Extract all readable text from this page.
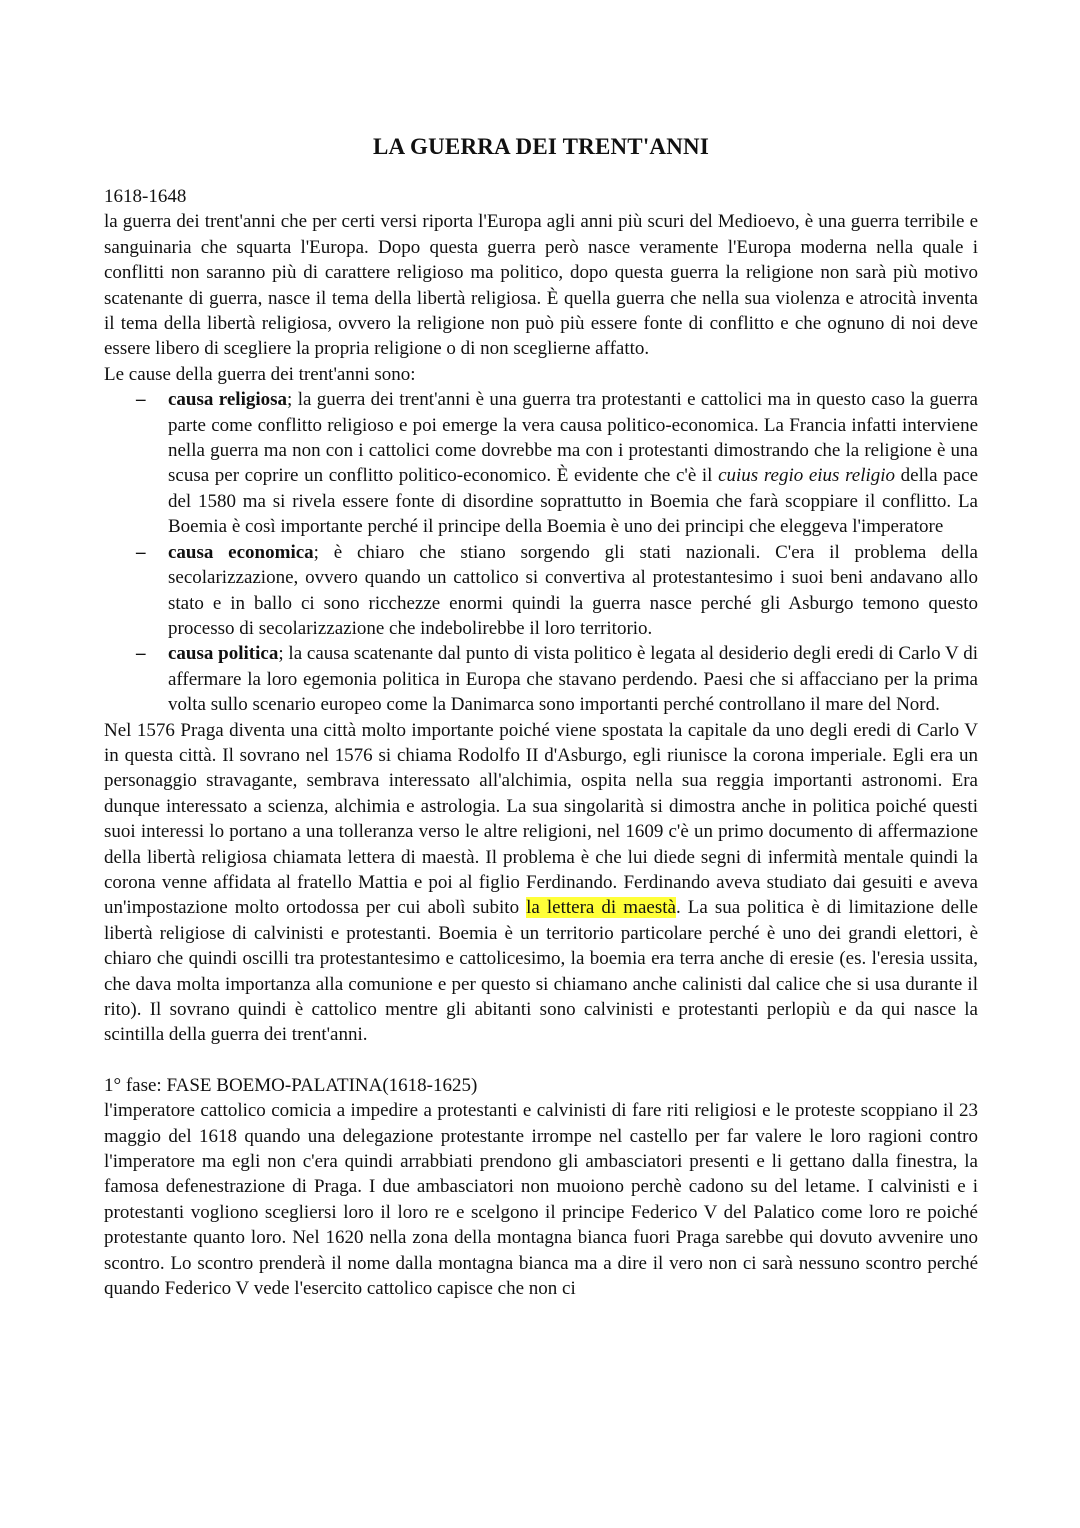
LA GUERRA DEI TRENT'ANNI

1618-1648

la guerra dei trent'anni che per certi versi riporta l'Europa agli anni più scuri del Medioevo, è una guerra terribile e sanguinaria che squarta l'Europa. Dopo questa guerra però nasce veramente l'Europa moderna nella quale i conflitti non saranno più di carattere religioso ma politico, dopo questa guerra la religione non sarà più motivo scatenante di guerra, nasce il tema della libertà religiosa. È quella guerra che nella sua violenza e atrocità inventa il tema della libertà religiosa, ovvero la religione non può più essere fonte di conflitto e che ognuno di noi deve essere libero di scegliere la propria religione o di non sceglierne affatto.

Le cause della guerra dei trent'anni sono:

– causa religiosa; la guerra dei trent'anni è una guerra tra protestanti e cattolici ma in questo caso la guerra parte come conflitto religioso e poi emerge la vera causa politico-economica. La Francia infatti interviene nella guerra ma non con i cattolici come dovrebbe ma con i protestanti dimostrando che la religione è una scusa per coprire un conflitto politico-economico. È evidente che c'è il cuius regio eius religio della pace del 1580 ma si rivela essere fonte di disordine soprattutto in Boemia che farà scoppiare il conflitto. La Boemia è così importante perché il principe della Boemia è uno dei principi che eleggeva l'imperatore
– causa economica; è chiaro che stiano sorgendo gli stati nazionali. C'era il problema della secolarizzazione, ovvero quando un cattolico si convertiva al protestantesimo i suoi beni andavano allo stato e in ballo ci sono ricchezze enormi quindi la guerra nasce perché gli Asburgo temono questo processo di secolarizzazione che indebolirebbe il loro territorio.
– causa politica; la causa scatenante dal punto di vista politico è legata al desiderio degli eredi di Carlo V di affermare la loro egemonia politica in Europa che stavano perdendo. Paesi che si affacciano per la prima volta sullo scenario europeo come la Danimarca sono importanti perché controllano il mare del Nord.

Nel 1576 Praga diventa una città molto importante poiché viene spostata la capitale da uno degli eredi di Carlo V in questa città. Il sovrano nel 1576 si chiama Rodolfo II d'Asburgo, egli riunisce la corona imperiale. Egli era un personaggio stravagante, sembrava interessato all'alchimia, ospita nella sua reggia importanti astronomi. Era dunque interessato a scienza, alchimia e astrologia. La sua singolarità si dimostra anche in politica poiché questi suoi interessi lo portano a una tolleranza verso le altre religioni, nel 1609 c'è un primo documento di affermazione della libertà religiosa chiamata lettera di maestà. Il problema è che lui diede segni di infermità mentale quindi la corona venne affidata al fratello Mattia e poi al figlio Ferdinando. Ferdinando aveva studiato dai gesuiti e aveva un'impostazione molto ortodossa per cui abolì subito la lettera di maestà. La sua politica è di limitazione delle libertà religiose di calvinisti e protestanti. Boemia è un territorio particolare perché è uno dei grandi elettori, è chiaro che quindi oscilli tra protestantesimo e cattolicesimo, la boemia era terra anche di eresie (es. l'eresia ussita, che dava molta importanza alla comunione e per questo si chiamano anche calinisti dal calice che si usa durante il rito). Il sovrano quindi è cattolico mentre gli abitanti sono calvinisti e protestanti perlopiù e da qui nasce la scintilla della guerra dei trent'anni.

1° fase: FASE BOEMO-PALATINA(1618-1625)

l'imperatore cattolico comicia a impedire a protestanti e calvinisti di fare riti religiosi e le proteste scoppiano il 23 maggio del 1618 quando una delegazione protestante irrompe nel castello per far valere le loro ragioni contro l'imperatore ma egli non c'era quindi arrabbiati prendono gli ambasciatori presenti e li gettano dalla finestra, la famosa defenestrazione di Praga. I due ambasciatori non muoiono perchè cadono su del letame. I calvinisti e i protestanti vogliono scegliersi loro il loro re e scelgono il principe Federico V del Palatico come loro re poiché protestante quanto loro. Nel 1620 nella zona della montagna bianca fuori Praga sarebbe qui dovuto avvenire uno scontro. Lo scontro prenderà il nome dalla montagna bianca ma a dire il vero non ci sarà nessuno scontro perché quando Federico V vede l'esercito cattolico capisce che non ci
